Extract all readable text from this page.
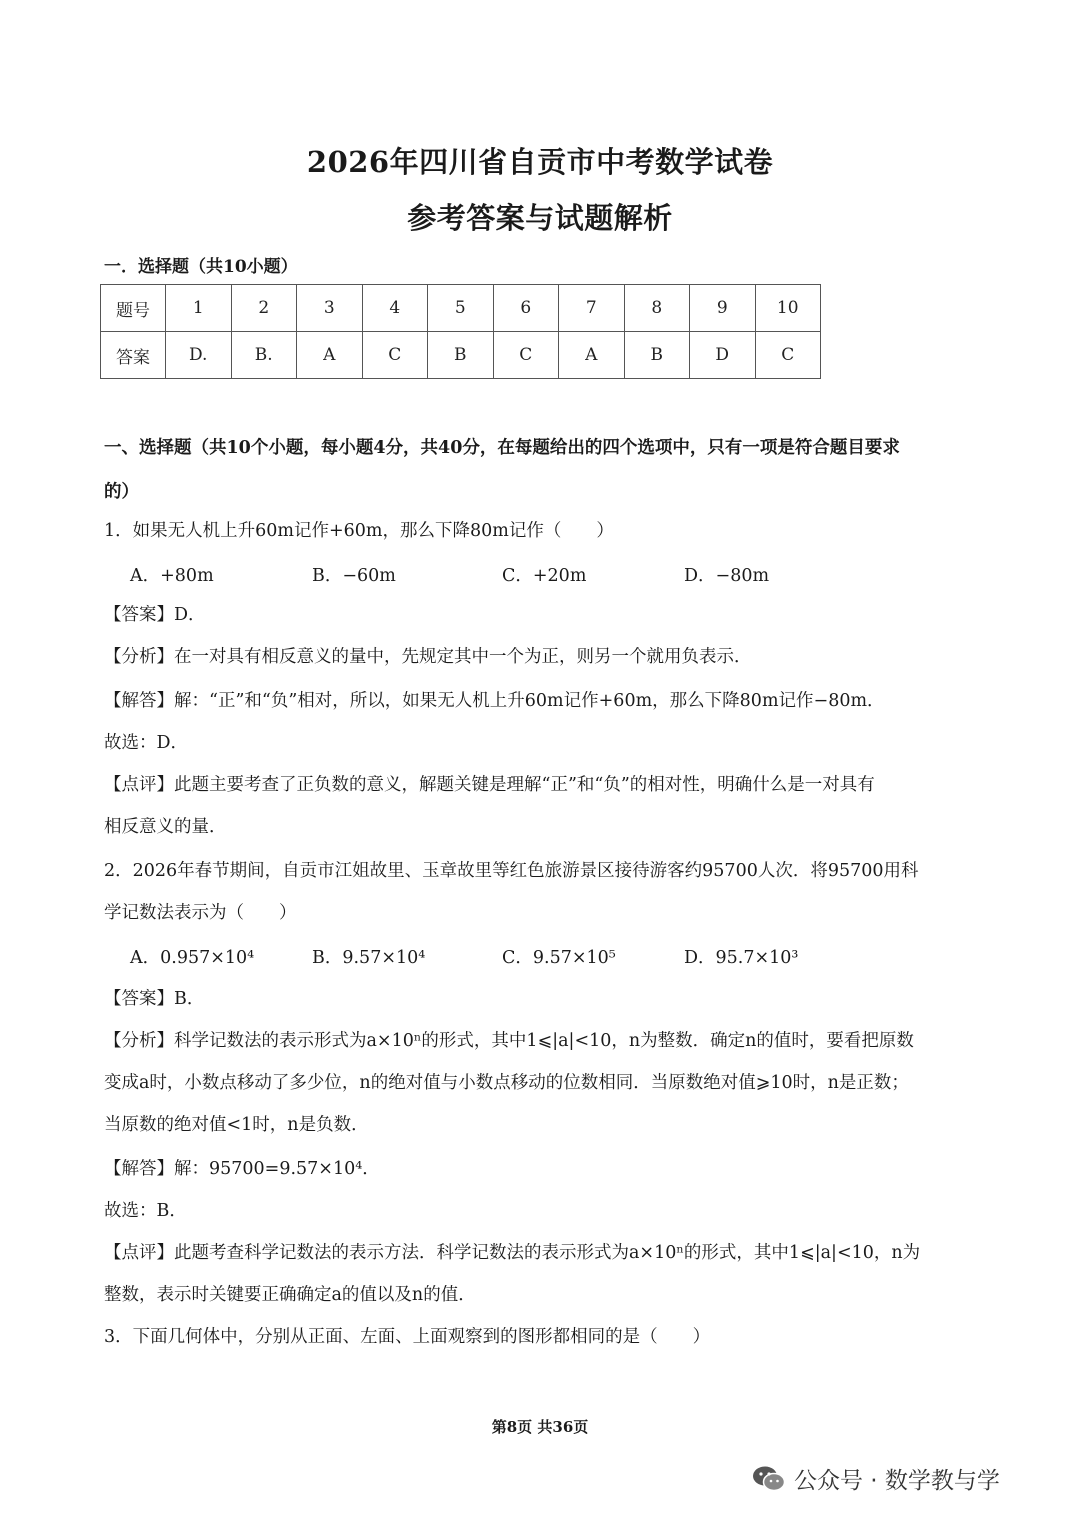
2026年四川省自贡市中考数学试卷
参考答案与试题解析
一．选择题（共10小题）
题号	1	2	3	4	5	6	7	8	9	10
答案	D.	B.	A	C	B	C	A	B	D	C
一、选择题（共10个小题，每小题4分，共40分，在每题给出的四个选项中，只有一项是符合题目要求
的）
1．如果无人机上升60m记作+60m，那么下降80m记作（　　）
A．+80m	B．−60m	C．+20m	D．−80m
【答案】D．
【分析】在一对具有相反意义的量中，先规定其中一个为正，则另一个就用负表示．
【解答】解：“正”和“负”相对，所以，如果无人机上升60m记作+60m，那么下降80m记作−80m．
故选：D．
【点评】此题主要考查了正负数的意义，解题关键是理解“正”和“负”的相对性，明确什么是一对具有
相反意义的量．
2．2026年春节期间，自贡市江姐故里、玉章故里等红色旅游景区接待游客约95700人次．将95700用科
学记数法表示为（　　）
A．0.957×10⁴	B．9.57×10⁴	C．9.57×10⁵	D．95.7×10³
【答案】B．
【分析】科学记数法的表示形式为a×10ⁿ的形式，其中1⩽|a|<10，n为整数．确定n的值时，要看把原数
变成a时，小数点移动了多少位，n的绝对值与小数点移动的位数相同．当原数绝对值⩾10时，n是正数；
当原数的绝对值<1时，n是负数．
【解答】解：95700=9.57×10⁴．
故选：B．
【点评】此题考查科学记数法的表示方法．科学记数法的表示形式为a×10ⁿ的形式，其中1⩽|a|<10，n为
整数，表示时关键要正确确定a的值以及n的值．
3．下面几何体中，分别从正面、左面、上面观察到的图形都相同的是（　　）
第8页 共36页
公众号 · 数学教与学
